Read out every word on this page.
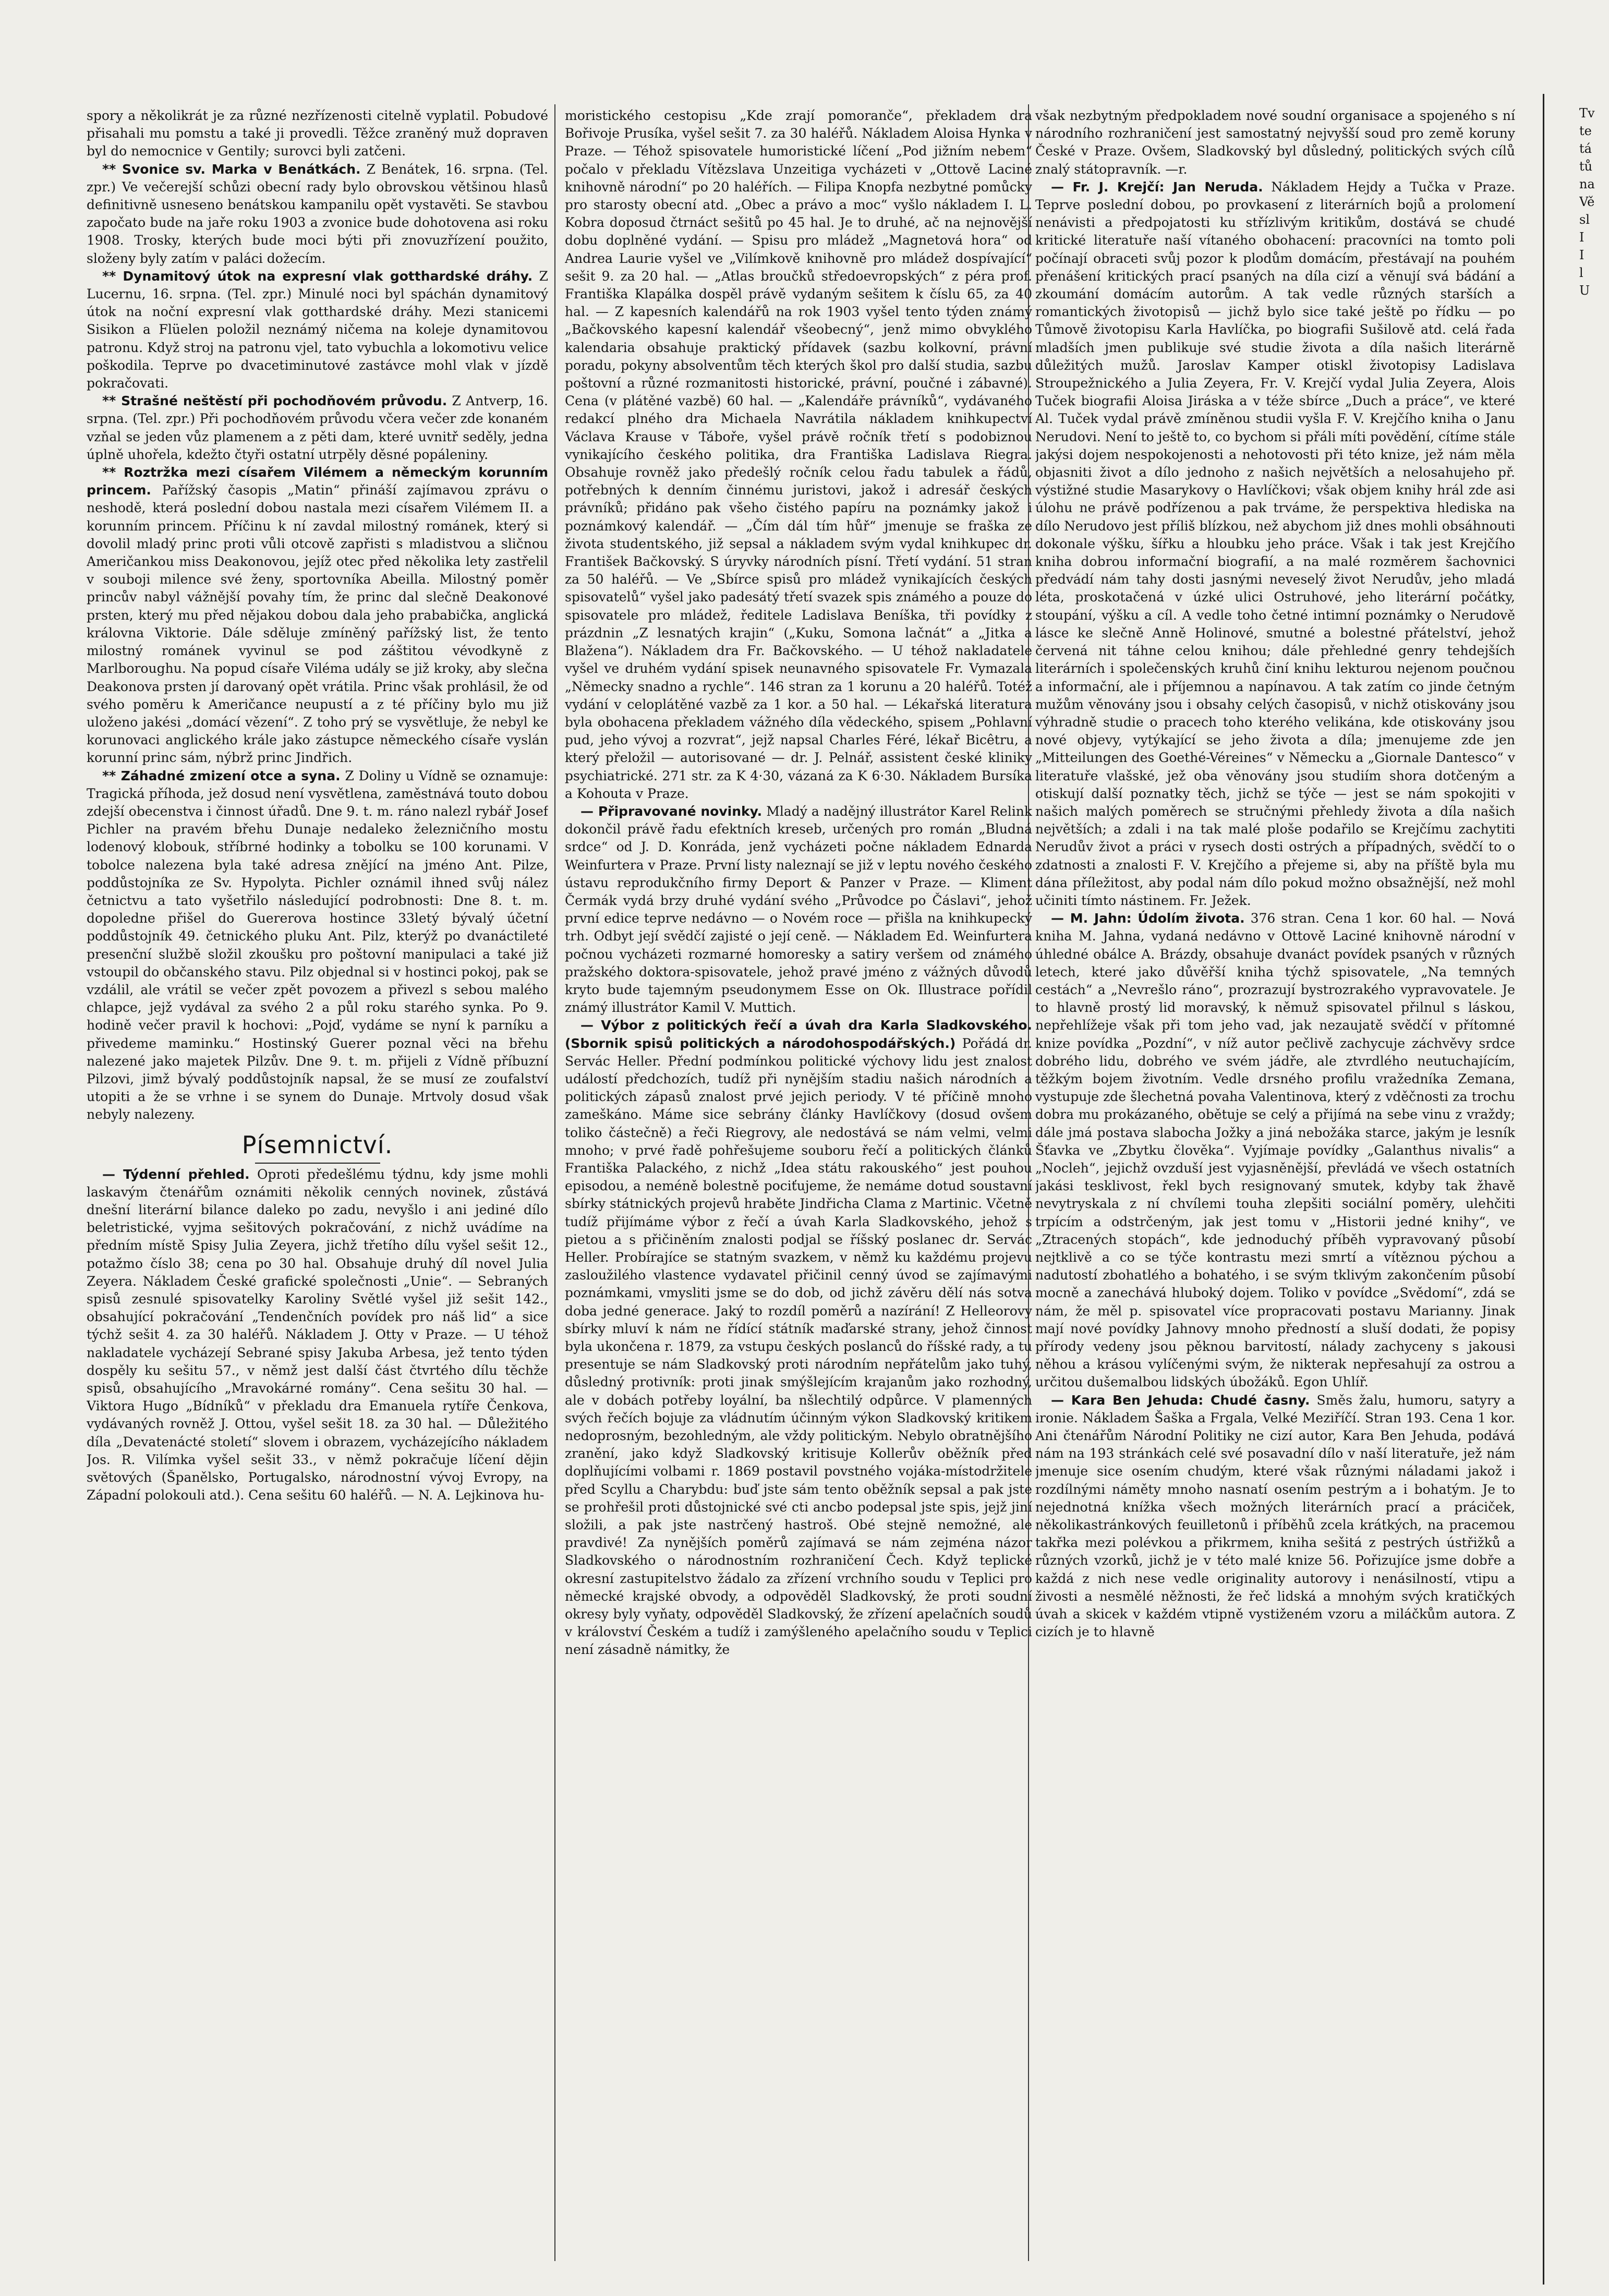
spory a několikrát je za různé nezřízenosti citelně vyplatil. Pobudové přisahali mu pomstu a také ji provedli. Těžce zraněný muž dopraven byl do nemocnice v Gentily; surovci byli zatčeni.

** Svonice sv. Marka v Benátkách. Z Benátek, 16. srpna. (Tel. zpr.) Ve večerejší schůzi obecní rady bylo obrovskou většinou hlasů definitivně usneseno benátskou kampanilu opět vystavěti. Se stavbou započato bude na jaře roku 1903 a zvonice bude dohotovena asi roku 1908. Trosky, kterých bude moci býti při znovuzřízení použito, složeny byly zatím v paláci dožecím.

** Dynamitový útok na expresní vlak gotthardské dráhy. Z Lucernu, 16. srpna. (Tel. zpr.) Minulé noci byl spáchán dynamitový útok na noční expresní vlak gotthardské dráhy. Mezi stanicemi Sisikon a Flüelen položil neznámý ničema na koleje dynamitovou patronu. Když stroj na patronu vjel, tato vybuchla a lokomotivu velice poškodila. Teprve po dvacetiminutové zastávce mohl vlak v jízdě pokračovati.

** Strašné neštěstí při pochodňovém průvodu. Z Antverp, 16. srpna. (Tel. zpr.) Při pochodňovém průvodu včera večer zde konaném vzňal se jeden vůz plamenem a z pěti dam, které uvnitř seděly, jedna úplně uhořela, kdežto čtyři ostatní utrpěly děsné popáleniny.

** Roztržka mezi císařem Vilémem a německým korunním princem. Pařížský časopis „Matin“ přináší zajímavou zprávu o neshodě, která poslední dobou nastala mezi císařem Vilémem II. a korunním princem. Příčinu k ní zavdal milostný románek, který si dovolil mladý princ proti vůli otcově zapřisti s mladistvou a sličnou Američankou miss Deakonovou, jejíž otec před několika lety zastřelil v souboji milence své ženy, sportovníka Abeilla. Milostný poměr princův nabyl vážnější povahy tím, že princ dal slečně Deakonové prsten, který mu před nějakou dobou dala jeho prababička, anglická královna Viktorie. Dále sděluje zmíněný pařížský list, že tento milostný románek vyvinul se pod záštitou vévodkyně z Marlboroughu. Na popud císaře Viléma udály se již kroky, aby slečna Deakonova prsten jí darovaný opět vrátila. Princ však prohlásil, že od svého poměru k Američance neupustí a z té příčiny bylo mu již uloženo jakési „domácí vězení“. Z toho prý se vysvětluje, že nebyl ke korunovaci anglického krále jako zástupce německého císaře vyslán korunní princ sám, nýbrž princ Jindřich.

** Záhadné zmizení otce a syna. Z Doliny u Vídně se oznamuje: Tragická příhoda, jež dosud není vysvětlena, zaměstnává touto dobou zdejší obecenstva i činnost úřadů. Dne 9. t. m. ráno nalezl rybář Josef Pichler na pravém břehu Dunaje nedaleko železničního mostu lodenový klobouk, stříbrné hodinky a tobolku se 100 korunami. V tobolce nalezena byla také adresa znějící na jméno Ant. Pilze, poddůstojníka ze Sv. Hypolyta. Pichler oznámil ihned svůj nález četnictvu a tato vyšetřilo následující podrobnosti: Dne 8. t. m. dopoledne přišel do Guererova hostince 33letý bývalý účetní poddůstojník 49. četnického pluku Ant. Pilz, kterýž po dvanáctileté presenční službě složil zkoušku pro poštovní manipulaci a také již vstoupil do občanského stavu. Pilz objednal si v hostinci pokoj, pak se vzdálil, ale vrátil se večer zpět povozem a přivezl s sebou malého chlapce, jejž vydával za svého 2 a půl roku starého synka. Po 9. hodině večer pravil k hochovi: „Pojď, vydáme se nyní k parníku a přivedeme maminku.“ Hostinský Guerer poznal věci na břehu nalezené jako majetek Pilzův. Dne 9. t. m. přijeli z Vídně příbuzní Pilzovi, jimž bývalý poddůstojník napsal, že se musí ze zoufalství utopiti a že se vrhne i se synem do Dunaje. Mrtvoly dosud však nebyly nalezeny.

Písemnictví.

— Týdenní přehled. Oproti předešlému týdnu, kdy jsme mohli laskavým čtenářům oznámiti několik cenných novinek, zůstává dnešní literární bilance daleko po zadu, nevyšlo i ani jediné dílo beletristické, vyjma sešitových pokračování, z nichž uvádíme na předním místě Spisy Julia Zeyera, jichž třetího dílu vyšel sešit 12., potažmo číslo 38; cena po 30 hal. Obsahuje druhý díl novel Julia Zeyera. Nákladem České grafické společnosti „Unie“. — Sebraných spisů zesnulé spisovatelky Karoliny Světlé vyšel již sešit 142., obsahující pokračování „Tendenčních povídek pro náš lid“ a sice týchž sešit 4. za 30 haléřů. Nákladem J. Otty v Praze. — U téhož nakladatele vycházejí Sebrané spisy Jakuba Arbesa, jež tento týden dospěly ku sešitu 57., v němž jest další část čtvrtého dílu těchže spisů, obsahujícího „Mravokárné romány“. Cena sešitu 30 hal. — Viktora Hugo „Bídníků“ v překladu dra Emanuela rytíře Čenkova, vydávaných rovněž J. Ottou, vyšel sešit 18. za 30 hal. — Důležitého díla „Devatenácté století“ slovem i obrazem, vycházejícího nákladem Jos. R. Vilímka vyšel sešit 33., v němž pokračuje líčení dějin světových (Španělsko, Portugalsko, národnostní vývoj Evropy, na Západní polokouli atd.). Cena sešitu 60 haléřů. — N. A. Lejkinova hu-

moristického cestopisu „Kde zrají pomoranče“, překladem dra Bořivoje Prusíka, vyšel sešit 7. za 30 haléřů. Nákladem Aloisa Hynka v Praze. — Téhož spisovatele humoristické líčení „Pod jižním nebem“ počalo v překladu Vítězslava Unzeitiga vycházeti v „Ottově Laciné knihovně národní“ po 20 haléřích. — Filipa Knopfa nezbytné pomůcky pro starosty obecní atd. „Obec a právo a moc“ vyšlo nákladem I. L. Kobra doposud čtrnáct sešitů po 45 hal. Je to druhé, ač na nejnovější dobu doplněné vydání. — Spisu pro mládež „Magnetová hora“ od Andrea Laurie vyšel ve „Vilímkově knihovně pro mládež dospívající“ sešit 9. za 20 hal. — „Atlas broučků středoevropských“ z péra prof. Františka Klapálka dospěl právě vydaným sešitem k číslu 65, za 40 hal. — Z kapesních kalendářů na rok 1903 vyšel tento týden známý „Bačkovského kapesní kalendář všeobecný“, jenž mimo obvyklého kalendaria obsahuje praktický přídavek (sazbu kolkovní, právní poradu, pokyny absolventům těch kterých škol pro další studia, sazbu poštovní a různé rozmanitosti historické, právní, poučné i zábavné). Cena (v plátěné vazbě) 60 hal. — „Kalendáře právníků“, vydávaného redakcí plného dra Michaela Navrátila nákladem knihkupectví Václava Krause v Táboře, vyšel právě ročník třetí s podobiznou vynikajícího českého politika, dra Františka Ladislava Riegra. Obsahuje rovněž jako předešlý ročník celou řadu tabulek a řádů, potřebných k denním činnému juristovi, jakož i adresář českých právníků; přidáno pak všeho čistého papíru na poznámky jakož i poznámkový kalendář. — „Čím dál tím hůř“ jmenuje se fraška ze života studentského, již sepsal a nákladem svým vydal knihkupec dr. František Bačkovský. S úryvky národních písní. Třetí vydání. 51 stran za 50 haléřů. — Ve „Sbírce spisů pro mládež vynikajících českých spisovatelů“ vyšel jako padesátý třetí svazek spis známého a pouze do spisovatele pro mládež, ředitele Ladislava Beníška, tři povídky z prázdnin „Z lesnatých krajin“ („Kuku, Somona lačnát“ a „Jitka a Blažena“). Nákladem dra Fr. Bačkovského. — U téhož nakladatele vyšel ve druhém vydání spisek neunavného spisovatele Fr. Vymazala „Německy snadno a rychle“. 146 stran za 1 korunu a 20 haléřů. Totéž vydání v celoplátěné vazbě za 1 kor. a 50 hal. — Lékařská literatura byla obohacena překladem vážného díla vědeckého, spisem „Pohlavní pud, jeho vývoj a rozvrat“, jejž napsal Charles Féré, lékař Bicêtru, a který přeložil — autorisované — dr. J. Pelnář, assistent české kliniky psychiatrické. 271 str. za K 4·30, vázaná za K 6·30. Nákladem Bursíka a Kohouta v Praze.

— Připravované novinky. Mladý a nadějný illustrátor Karel Relink dokončil právě řadu efektních kreseb, určených pro román „Bludná srdce“ od J. D. Konráda, jenž vycházeti počne nákladem Ednarda Weinfurtera v Praze. První listy naleznají se již v leptu nového českého ústavu reprodukčního firmy Deport & Panzer v Praze. — Kliment Čermák vydá brzy druhé vydání svého „Průvodce po Čáslavi“, jehož první edice teprve nedávno — o Novém roce — přišla na knihkupecký trh. Odbyt její svědčí zajisté o její ceně. — Nákladem Ed. Weinfurtera počnou vycházeti rozmarné homoresky a satiry veršem od známého pražského doktora-spisovatele, jehož pravé jméno z vážných důvodů kryto bude tajemným pseudonymem Esse on Ok. Illustrace pořídil známý illustrátor Kamil V. Muttich.

— Výbor z politických řečí a úvah dra Karla Sladkovského. (Sbornik spisů politických a národohospodářských.) Pořádá dr. Servác Heller. Přední podmínkou politické výchovy lidu jest znalost událostí předchozích, tudíž při nynějším stadiu našich národních a politických zápasů znalost prvé jejich periody. V té příčině mnoho zameškáno. Máme sice sebrány články Havlíčkovy (dosud ovšem toliko částečně) a řeči Riegrovy, ale nedostává se nám velmi, velmi mnoho; v prvé řadě pohřešujeme souboru řečí a politických článků Františka Palackého, z nichž „Idea státu rakouského“ jest pouhou episodou, a neméně bolestně pociťujeme, že nemáme dotud soustavní sbírky státnických projevů hraběte Jindřicha Clama z Martinic. Včetně tudíž přijímáme výbor z řečí a úvah Karla Sladkovského, jehož s pietou a s přičiněním znalosti podjal se říšský poslanec dr. Servác Heller. Probírajíce se statným svazkem, v němž ku každému projevu zasloužilého vlastence vydavatel přičinil cenný úvod se zajímavými poznámkami, vmysliti jsme se do dob, od jichž závěru dělí nás sotva doba jedné generace. Jaký to rozdíl poměrů a nazírání! Z Helleorovy sbírky mluví k nám ne řídící státník maďarské strany, jehož činnost byla ukončena r. 1879, za vstupu českých poslanců do říšské rady, a tu presentuje se nám Sladkovský proti národním nepřátelům jako tuhý, důsledný protivník: proti jinak smýšlejícím krajanům jako rozhodný, ale v dobách potřeby loyální, ba nšlechtilý odpůrce. V plamenných svých řečích bojuje za vládnutím účinným výkon Sladkovský kritikem nedoprosným, bezohledným, ale vždy politickým. Nebylo obratnějšího zranění, jako když Sladkovský kritisuje Kollerův oběžník před doplňujícími volbami r. 1869 postavil povstného vojáka-místodržitele před Scyllu a Charybdu: buď jste sám tento oběžník sepsal a pak jste se prohřešil proti důstojnické své cti ancbo podepsal jste spis, jejž jiní složili, a pak jste nastrčený hastroš. Obé stejně nemožné, ale pravdivé! Za nynějších poměrů zajímavá se nám zejména názor Sladkovského o národnostním rozhraničení Čech. Když teplické okresní zastupitelstvo žádalo za zřízení vrchního soudu v Teplici pro německé krajské obvody, a odpověděl Sladkovský, že proti soudní okresy byly vyňaty, odpověděl Sladkovský, že zřízení apelačních soudů v království Českém a tudíž i zamýšleného apelačního soudu v Teplici není zásadně námitky, že

však nezbytným předpokladem nové soudní organisace a spojeného s ní národního rozhraničení jest samostatný nejvyšší soud pro země koruny České v Praze. Ovšem, Sladkovský byl důsledný, politických svých cílů znalý státopravník. —r.

— Fr. J. Krejčí: Jan Neruda. Nákladem Hejdy a Tučka v Praze. Teprve poslední dobou, po provkasení z literárních bojů a prolomení nenávisti a předpojatosti ku střízlivým kritikům, dostává se chudé kritické literatuře naší vítaného obohacení: pracovníci na tomto poli počínají obraceti svůj pozor k plodům domácím, přestávají na pouhém přenášení kritických prací psaných na díla cizí a věnují svá bádání a zkoumání domácím autorům. A tak vedle různých starších a romantických životopisů — jichž bylo sice také ještě po řídku — po Tůmově životopisu Karla Havlíčka, po biografii Sušilově atd. celá řada mladších jmen publikuje své studie života a díla našich literárně důležitých mužů. Jaroslav Kamper otiskl životopisy Ladislava Stroupežnického a Julia Zeyera, Fr. V. Krejčí vydal Julia Zeyera, Alois Tuček biografii Aloisa Jiráska a v téže sbírce „Duch a práce“, ve které Al. Tuček vydal právě zmíněnou studii vyšla F. V. Krejčího kniha o Janu Nerudovi. Není to ještě to, co bychom si přáli míti povědění, cítíme stále jakýsi dojem nespokojenosti a nehotovosti při této knize, jež nám měla objasniti život a dílo jednoho z našich největších a nelosahujeho př. výstižné studie Masarykovy o Havlíčkovi; však objem knihy hrál zde asi úlohu ne právě podřízenou a pak trváme, že perspektiva hlediska na dílo Nerudovo jest příliš blízkou, než abychom již dnes mohli obsáhnouti dokonale výšku, šířku a hloubku jeho práce. Však i tak jest Krejčího kniha dobrou informační biografií, a na malé rozměrem šachovnici předvádí nám tahy dosti jasnými neveselý život Nerudův, jeho mladá léta, proskotačená v úzké ulici Ostruhové, jeho literární počátky, stoupání, výšku a cíl. A vedle toho četné intimní poznámky o Nerudově lásce ke slečně Anně Holinové, smutné a bolestné přátelství, jehož červená nit táhne celou knihou; dále přehledné genry tehdejších literárních i společenských kruhů činí knihu lekturou nejenom poučnou a informační, ale i příjemnou a napínavou. A tak zatím co jinde četným mužům věnovány jsou i obsahy celých časopisů, v nichž otiskovány jsou výhradně studie o pracech toho kterého velikána, kde otiskovány jsou nové objevy, vytýkající se jeho života a díla; jmenujeme zde jen „Mitteilungen des Goethé-Véreines“ v Německu a „Giornale Dantesco“ v literatuře vlašské, jež oba věnovány jsou studiím shora dotčeným a otiskují další poznatky těch, jichž se týče — jest se nám spokojiti v našich malých poměrech se stručnými přehledy života a díla našich největších; a zdali i na tak malé ploše podařilo se Krejčímu zachytiti Nerudův život a práci v rysech dosti ostrých a případných, svědčí to o zdatnosti a znalosti F. V. Krejčího a přejeme si, aby na příště byla mu dána příležitost, aby podal nám dílo pokud možno obsažnější, než mohl učiniti tímto nástinem. Fr. Ježek.

— M. Jahn: Údolím života. 376 stran. Cena 1 kor. 60 hal. — Nová kniha M. Jahna, vydaná nedávno v Ottově Laciné knihovně národní v úhledné obálce A. Brázdy, obsahuje dvanáct povídek psaných v různých letech, které jako důvěřší kniha týchž spisovatele, „Na temných cestách“ a „Nevrešlo ráno“, prozrazují bystrozrakého vypravovatele. Je to hlavně prostý lid moravský, k němuž spisovatel přilnul s láskou, nepřehlížeje však při tom jeho vad, jak nezaujatě svědčí v přítomné knize povídka „Pozdní“, v níž autor pečlivě zachycuje záchvěvy srdce dobrého lidu, dobrého ve svém jádře, ale ztvrdlého neutuchajícím, těžkým bojem životním. Vedle drsného profilu vražedníka Zemana, vystupuje zde šlechetná povaha Valentinova, který z vděčnosti za trochu dobra mu prokázaného, obětuje se celý a přijímá na sebe vinu z vraždy; dále jmá postava slabocha Jožky a jiná nebožáka starce, jakým je lesník Šťavka ve „Zbytku člověka“. Vyjímaje povídky „Galanthus nivalis“ a „Nocleh“, jejichž ovzduší jest vyjasněnější, převládá ve všech ostatních jakási tesklivost, řekl bych resignovaný smutek, kdyby tak žhavě nevytryskala z ní chvílemi touha zlepšiti sociální poměry, ulehčiti trpícím a odstrčeným, jak jest tomu v „Historii jedné knihy“, ve „Ztracených stopách“, kde jednoduchý příběh vypravovaný působí nejtklivě a co se týče kontrastu mezi smrtí a vítěznou pýchou a nadutostí zbohatlého a bohatého, i se svým tklivým zakončením působí mocně a zanechává hluboký dojem. Toliko v povídce „Svědomí“, zdá se nám, že měl p. spisovatel více propracovati postavu Marianny. Jinak mají nové povídky Jahnovy mnoho předností a sluší dodati, že popisy přírody vedeny jsou pěknou barvitostí, nálady zachyceny s jakousi něhou a krásou vylíčenými svým, že nikterak nepřesahují za ostrou a určitou dušemalbou lidských úbožáků. Egon Uhlíř.

— Kara Ben Jehuda: Chudé časny. Směs žalu, humoru, satyry a ironie. Nákladem Šaška a Frgala, Velké Meziříčí. Stran 193. Cena 1 kor. Ani čtenářům Národní Politiky ne cizí autor, Kara Ben Jehuda, podává nám na 193 stránkách celé své posavadní dílo v naší literatuře, jež nám jmenuje sice osením chudým, které však různými náladami jakož i rozdílnými náměty mnoho nasnatí osením pestrým a i bohatým. Je to nejednotná knížka všech možných literárních prací a práciček, několikastránkových feuilletonů i příběhů zcela krátkých, na pracemou takřka mezi polévkou a přikrmem, kniha sešitá z pestrých ústřižků a různých vzorků, jichž je v této malé knize 56. Pořizujíce jsme dobře a každá z nich nese vedle originality autorovy i nenásilností, vtipu a živosti a nesmělé něžnosti, že řeč lidská a mnohým svých kratičkých úvah a skicek v každém vtipně vystiženém vzoru a miláčkům autora. Z cizích je to hlavně

Tv
te
tá
tů
na
Vě
sl
I
I
l
U
